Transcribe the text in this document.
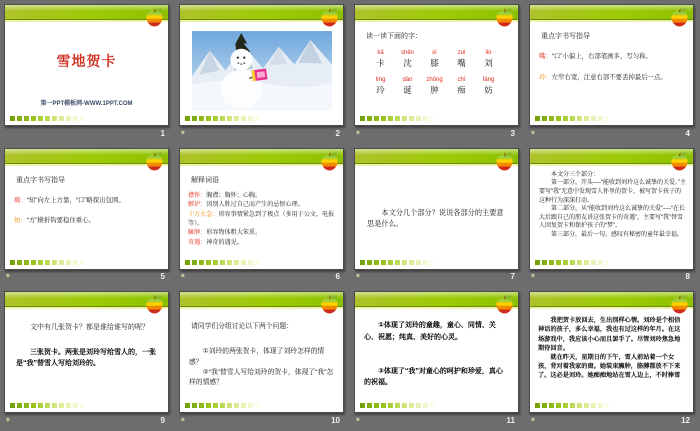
雪地贺卡
第一PPT模板网-WWW.1PPT.COM
1 ✶	2
读一读下面的字：
kǎ
卡
shěn
沈
xī
膝
zuǐ
嘴
liú
刘
líng
玲
dàn
诞
zhǒng
肿
chī
痴
fáng
妨
✶
3
重点字书写指导

嘴：“口”小偏上，右部笔画多，写匀称。

玲：左窄右宽，注意右部不要丢掉最后一点。

✶
4
重点字书写指导

痴：“知”向左上方靠，“口”略探出包围。

妨：“方”横折钩要稳住重心。

✶
5
解释词语

襟怀：胸襟；胸怀；心胸。

嫉妒：因别人胜过自己而产生的忌恨心理。

十万火急：形容事情紧急到了极点（多用于公文、电报等）。

臃肿：形容物体粗大笨重。

奇遇：神奇的遇见。

✶
6

本文分几个部分？说说各部分的主要意思是什么。

✶
7

本文分三个部分：

第一部分，开头----“能收到刘玲这么诚挚的关爱。”主要写“我”无意中发现雪人怀里的贺卡，被写贺卡孩子的这种行为深深打动。

第二部分，从“能收到刘玲这么诚挚的关爱”----“在长大后跟自己的朋友讲这张贺卡的奇遇”，主要写“我”替雪人回复贺卡和保护孩子的“梦”。

第三部分，最后一句。感叹有秘密的童年最幸福。

✶
8

文中有几张贺卡？都是谁给谁写的呢？

三张贺卡。两张是刘玲写给雪人的，一张是“我”替雪人写给刘玲的。

✶
9

请同学们分组讨论以下两个问题：

①刘玲的两张贺卡，体现了刘玲怎样的情感？

②“我”替雪人写给刘玲的贺卡，体现了“我”怎样的情感？

✶
10

①体现了刘玲的童趣，童心、同情、关心、祝愿；纯真、美好的心灵。

②体现了“我”对童心的呵护和珍爱，真心的祝福。

✶
11

我把贺卡放回去，生出别样心情。刘玲是个相信神话的孩子，多么幸福，我也有过这样的年月。在这场游戏中，我应该小心而且罢手了。尽管刘玲焦急地期待回音。

就在昨天，星期日的下午，雪人前站着一个女孩，背对着我家的窗。她装束臃肿，胳膊都放不下来了。这必是刘玲。她痴痴地站在雪人边上，不时捧雪

✶
12
